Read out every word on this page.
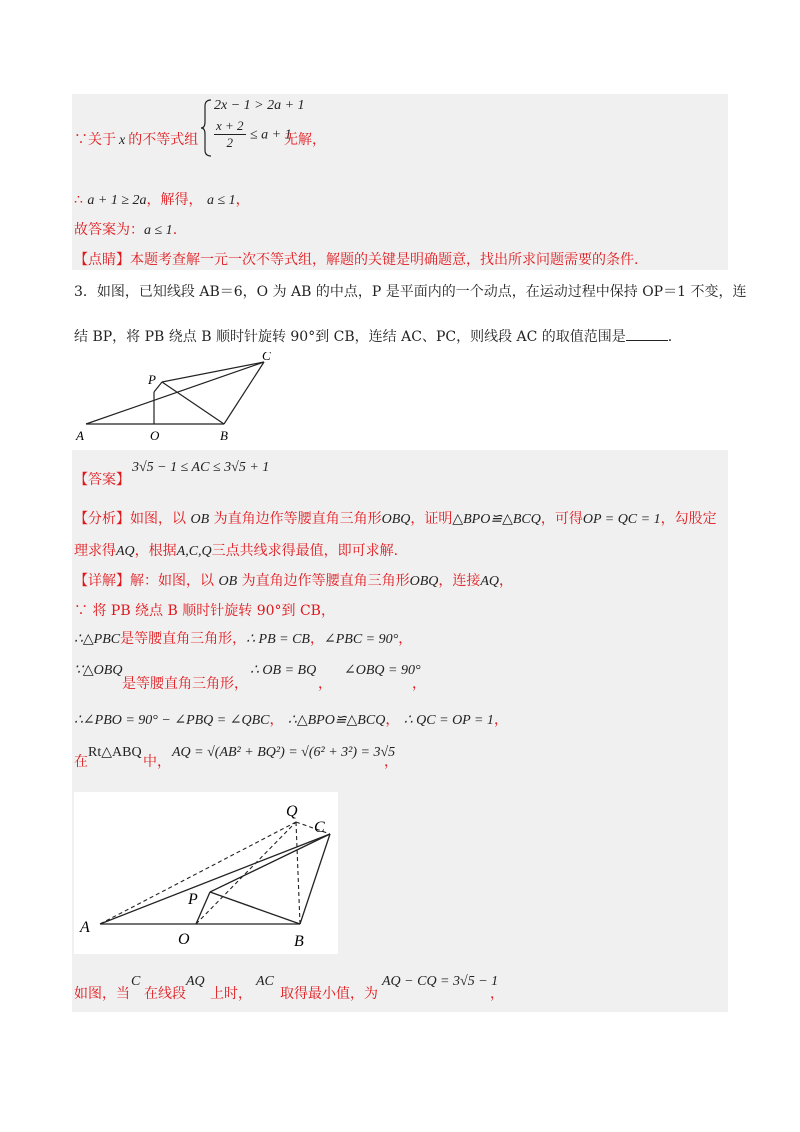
∵关于 x 的不等式组
2x − 1 > 2a + 1
$\frac{x + 2}{2} \le a + 1$
无解，
∴ a + 1 ≥ 2a，解得， a ≤ 1，
故答案为：a ≤ 1.
【点睛】本题考查解一元一次不等式组，解题的关键是明确题意，找出所求问题需要的条件.
3．如图，已知线段 AB＝6，O 为 AB 的中点，P 是平面内的一个动点，在运动过程中保持 OP＝1 不变，连
结 BP，将 PB 绕点 B 顺时针旋转 90°到 CB，连结 AC、PC，则线段 AC 的取值范围是	.
A	O	B
P
C
【答案】
3√5 − 1 ≤ AC ≤ 3√5 + 1
【分析】如图，以 OB 为直角边作等腰直角三角形OBQ，证明△BPO≌△BCQ，可得OP = QC = 1，勾股定
理求得AQ，根据A,C,Q三点共线求得最值，即可求解.
【详解】解：如图，以 OB 为直角边作等腰直角三角形OBQ，连接AQ，
∵ 将 PB 绕点 B 顺时针旋转 90°到 CB，
∴△PBC是等腰直角三角形，∴ PB = CB，∠PBC = 90°，
∵△OBQ
是等腰直角三角形，
∴ OB = BQ
，
∠OBQ = 90°
，
∴∠PBO = 90° − ∠PBQ = ∠QBC， ∴△BPO≌△BCQ， ∴ QC = OP = 1，
在
Rt△ABQ
中，
AQ = √(AB² + BQ²) = √(6² + 3²) = 3√5
，
A
O	B
P
C
Q
如图，当
C
在线段
AQ
上时，
AC
取得最小值，为
AQ − CQ = 3√5 − 1
，
